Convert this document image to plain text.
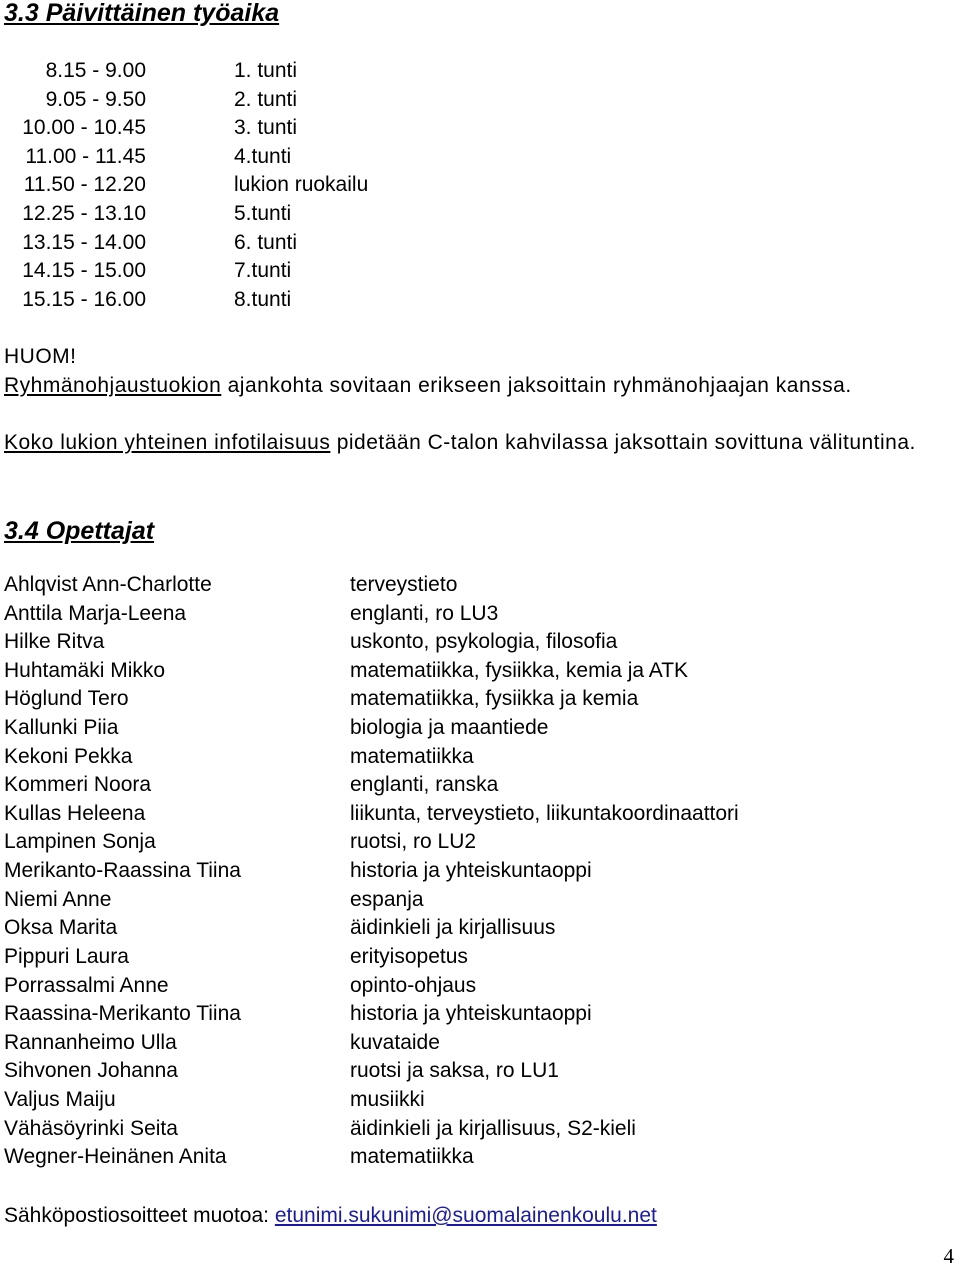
3.3 Päivittäinen työaika
8.15 - 9.00	1. tunti
9.05 - 9.50	2. tunti
10.00 - 10.45	3. tunti
11.00 - 11.45	4.tunti
11.50 - 12.20	lukion ruokailu
12.25 - 13.10	5.tunti
13.15 - 14.00	6. tunti
14.15 - 15.00	7.tunti
15.15 - 16.00	8.tunti
HUOM!
Ryhmänohjaustuokion ajankohta sovitaan erikseen jaksoittain ryhmänohjaajan kanssa.
Koko lukion yhteinen infotilaisuus pidetään C-talon kahvilassa jaksottain sovittuna välituntina.
3.4 Opettajat
Ahlqvist Ann-Charlotte	terveystieto
Anttila Marja-Leena	englanti, ro LU3
Hilke Ritva	uskonto, psykologia, filosofia
Huhtamäki Mikko	matematiikka, fysiikka, kemia ja ATK
Höglund Tero	matematiikka, fysiikka ja kemia
Kallunki Piia	biologia ja maantiede
Kekoni Pekka	matematiikka
Kommeri Noora	englanti, ranska
Kullas Heleena	liikunta, terveystieto, liikuntakoordinaattori
Lampinen Sonja	ruotsi, ro LU2
Merikanto-Raassina Tiina	historia ja yhteiskuntaoppi
Niemi Anne	espanja
Oksa Marita	äidinkieli ja kirjallisuus
Pippuri Laura	erityisopetus
Porrassalmi Anne	opinto-ohjaus
Raassina-Merikanto Tiina	historia ja yhteiskuntaoppi
Rannanheimo Ulla	kuvataide
Sihvonen Johanna	ruotsi ja saksa, ro LU1
Valjus Maiju	musiikki
Vähäsöyrinki Seita	äidinkieli ja kirjallisuus, S2-kieli
Wegner-Heinänen Anita	matematiikka
Sähköpostiosoitteet muotoa: etunimi.sukunimi@suomalainenkoulu.net
4
